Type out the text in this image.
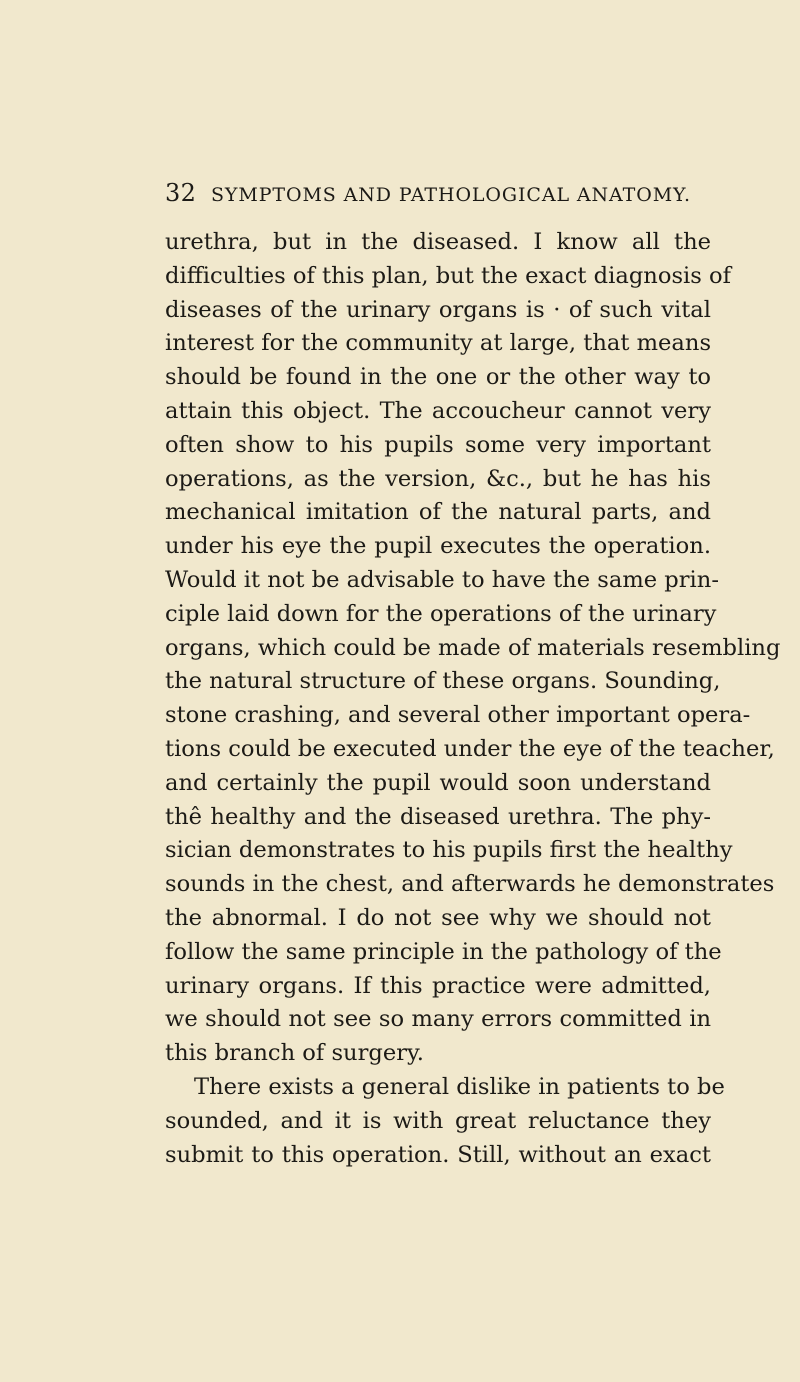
32 SYMPTOMS AND PATHOLOGICAL ANATOMY.
urethra, but in the diseased. I know all the
difficulties of this plan, but the exact diagnosis of
diseases of the urinary organs is · of such vital
interest for the community at large, that means
should be found in the one or the other way to
attain this object. The accoucheur cannot very
often show to his pupils some very important
operations, as the version, &c., but he has his
mechanical imitation of the natural parts, and
under his eye the pupil executes the operation.
Would it not be advisable to have the same prin-
ciple laid down for the operations of the urinary
organs, which could be made of materials resembling
the natural structure of these organs. Sounding,
stone crashing, and several other important opera-
tions could be executed under the eye of the teacher,
and certainly the pupil would soon understand
thê healthy and the diseased urethra. The phy-
sician demonstrates to his pupils first the healthy
sounds in the chest, and afterwards he demonstrates
the abnormal. I do not see why we should not
follow the same principle in the pathology of the
urinary organs. If this practice were admitted,
we should not see so many errors committed in
this branch of surgery.
There exists a general dislike in patients to be
sounded, and it is with great reluctance they
submit to this operation. Still, without an exact
